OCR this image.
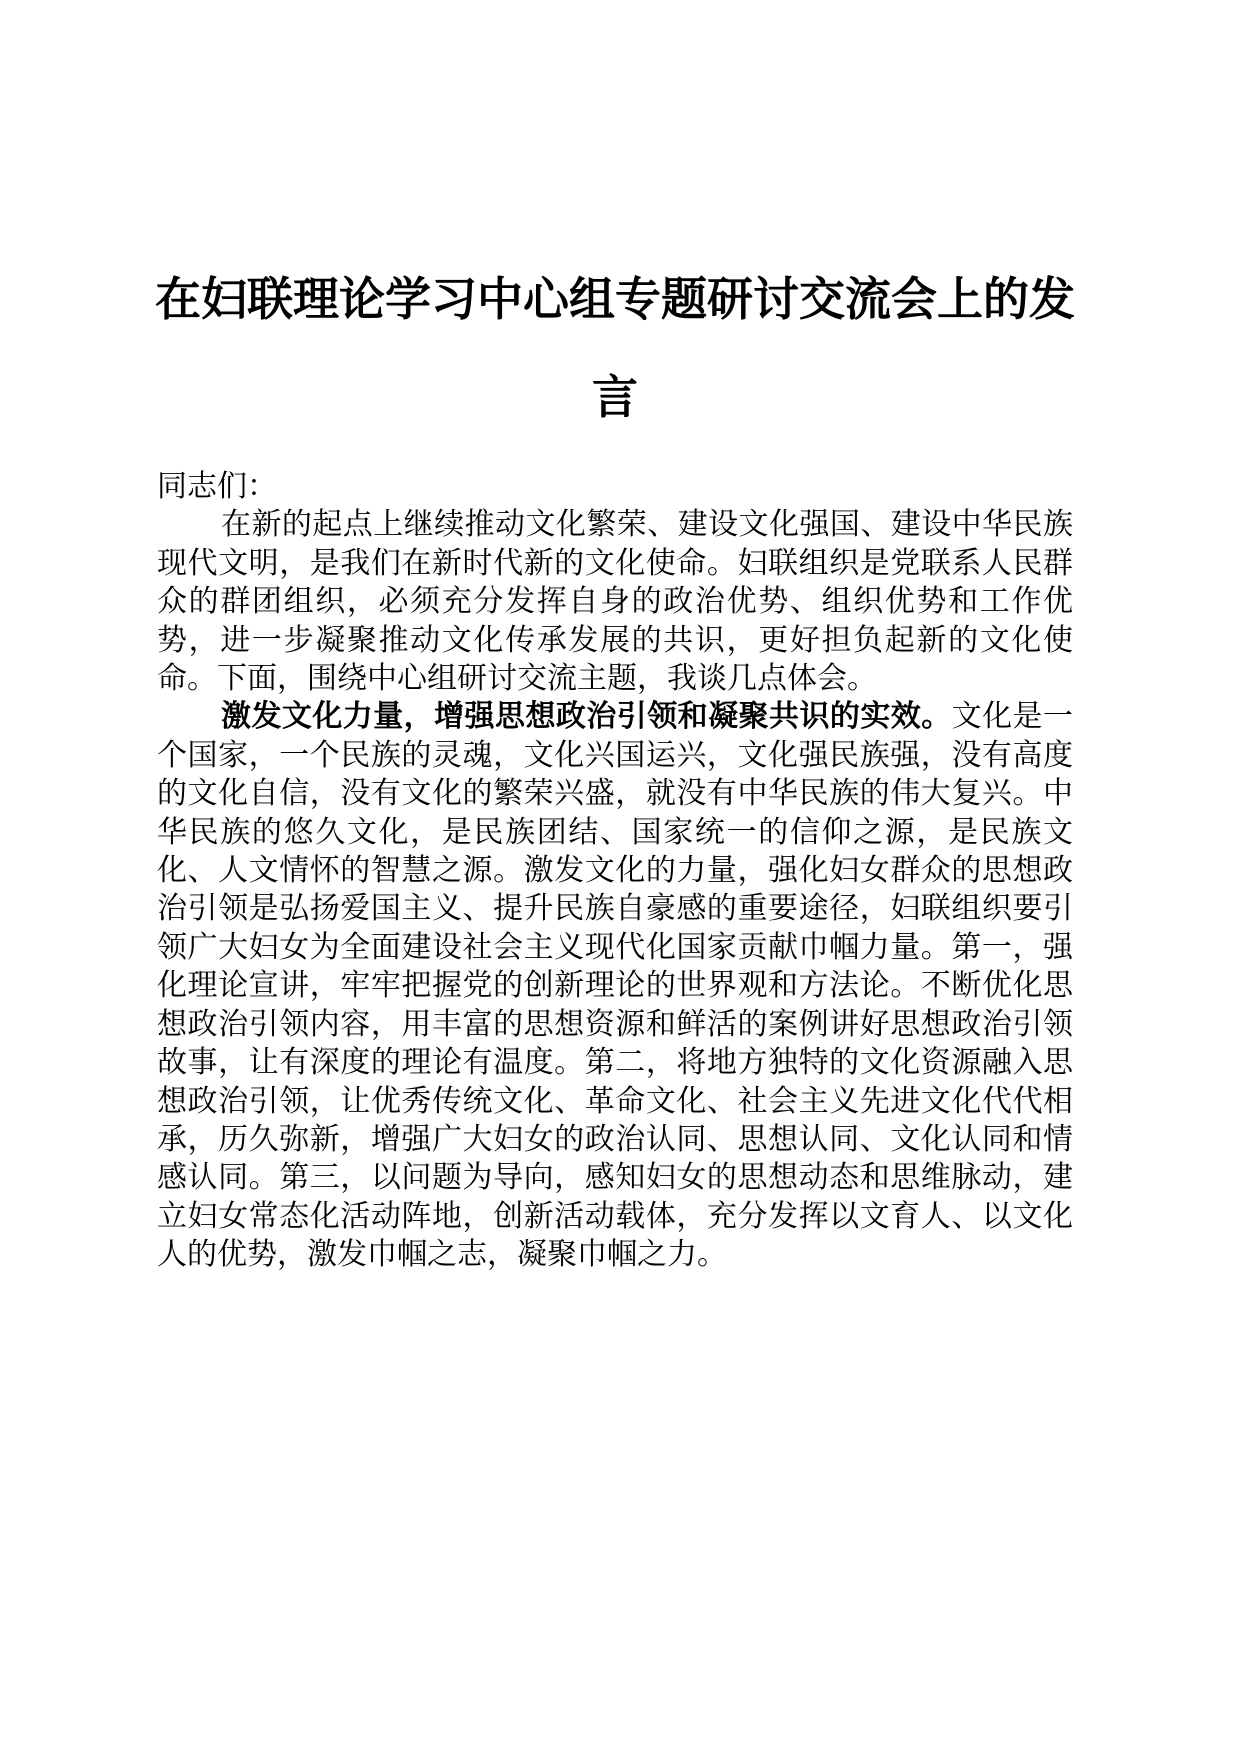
在妇联理论学习中心组专题研讨交流会上的发言

同志们：

在新的起点上继续推动文化繁荣、建设文化强国、建设中华民族现代文明，是我们在新时代新的文化使命。妇联组织是党联系人民群众的群团组织，必须充分发挥自身的政治优势、组织优势和工作优势，进一步凝聚推动文化传承发展的共识，更好担负起新的文化使命。下面，围绕中心组研讨交流主题，我谈几点体会。

激发文化力量，增强思想政治引领和凝聚共识的实效。文化是一个国家，一个民族的灵魂，文化兴国运兴，文化强民族强，没有高度的文化自信，没有文化的繁荣兴盛，就没有中华民族的伟大复兴。中华民族的悠久文化，是民族团结、国家统一的信仰之源，是民族文化、人文情怀的智慧之源。激发文化的力量，强化妇女群众的思想政治引领是弘扬爱国主义、提升民族自豪感的重要途径，妇联组织要引领广大妇女为全面建设社会主义现代化国家贡献巾帼力量。第一，强化理论宣讲，牢牢把握党的创新理论的世界观和方法论。不断优化思想政治引领内容，用丰富的思想资源和鲜活的案例讲好思想政治引领故事，让有深度的理论有温度。第二，将地方独特的文化资源融入思想政治引领，让优秀传统文化、革命文化、社会主义先进文化代代相承，历久弥新，增强广大妇女的政治认同、思想认同、文化认同和情感认同。第三，以问题为导向，感知妇女的思想动态和思维脉动，建立妇女常态化活动阵地，创新活动载体，充分发挥以文育人、以文化人的优势，激发巾帼之志，凝聚巾帼之力。
